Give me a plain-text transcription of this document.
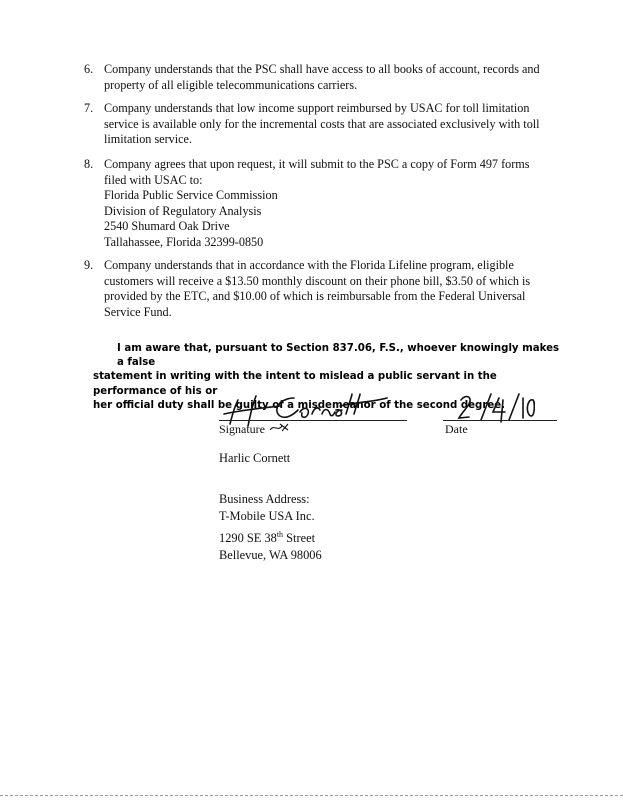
6. Company understands that the PSC shall have access to all books of account, records and
property of all eligible telecommunications carriers.
7. Company understands that low income support reimbursed by USAC for toll limitation
service is available only for the incremental costs that are associated exclusively with toll
limitation service.
8. Company agrees that upon request, it will submit to the PSC a copy of Form 497 forms
filed with USAC to:
Florida Public Service Commission
Division of Regulatory Analysis
2540 Shumard Oak Drive
Tallahassee, Florida 32399-0850
9. Company understands that in accordance with the Florida Lifeline program, eligible
customers will receive a $13.50 monthly discount on their phone bill, $3.50 of which is
provided by the ETC, and $10.00 of which is reimbursable from the Federal Universal
Service Fund.
I am aware that, pursuant to Section 837.06, F.S., whoever knowingly makes a false
statement in writing with the intent to mislead a public servant in the performance of his or
her official duty shall be guilty of a misdemeanor of the second degree.
Signature	Date
Harlic Cornett
Business Address:
T-Mobile USA Inc.
1290 SE 38th Street
Bellevue, WA 98006
